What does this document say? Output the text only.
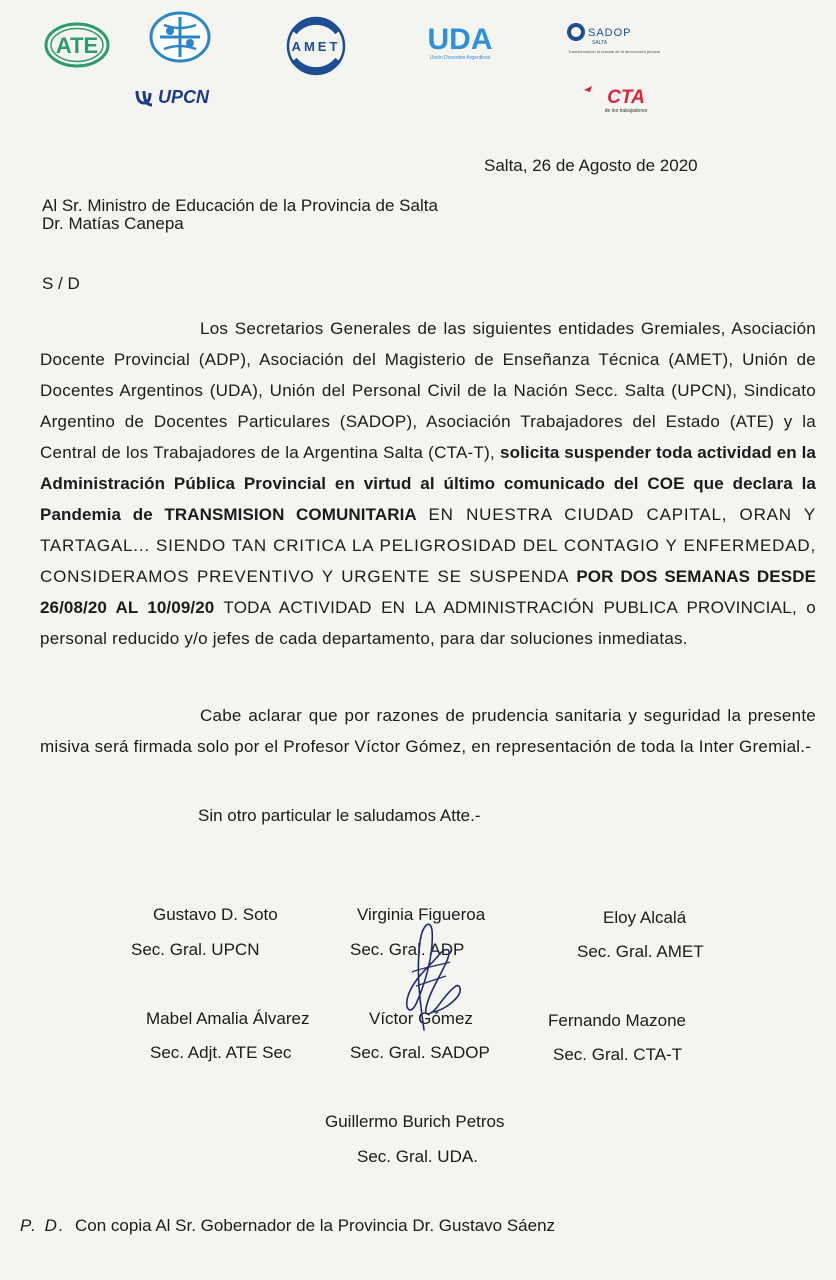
ATE	AMET	UDA
Unión Docentes Argentinos
SADOP
SALTA
Transformación al rescate de la democracia privada
UPCN	CTA
de los trabajadores
Salta, 26 de Agosto de 2020
Al Sr. Ministro de Educación de la Provincia de Salta
Dr. Matías Canepa
S / D
Los Secretarios Generales de las siguientes entidades Gremiales, Asociación Docente Provincial (ADP), Asociación del Magisterio de Enseñanza Técnica (AMET), Unión de Docentes Argentinos (UDA), Unión del Personal Civil de la Nación Secc. Salta (UPCN), Sindicato Argentino de Docentes Particulares (SADOP), Asociación Trabajadores del Estado (ATE) y la Central de los Trabajadores de la Argentina Salta (CTA-T), solicita suspender toda actividad en la Administración Pública Provincial en virtud al último comunicado del COE que declara la Pandemia de TRANSMISION COMUNITARIA EN NUESTRA CIUDAD CAPITAL, ORAN Y TARTAGAL... SIENDO TAN CRITICA LA PELIGROSIDAD DEL CONTAGIO Y ENFERMEDAD, CONSIDERAMOS PREVENTIVO Y URGENTE SE SUSPENDA POR DOS SEMANAS DESDE 26/08/20 AL 10/09/20 TODA ACTIVIDAD EN LA ADMINISTRACIÓN PUBLICA PROVINCIAL, o personal reducido y/o jefes de cada departamento, para dar soluciones inmediatas.
Cabe aclarar que por razones de prudencia sanitaria y seguridad la presente misiva será firmada solo por el Profesor Víctor Gómez, en representación de toda la Inter Gremial.-
Sin otro particular le saludamos Atte.-
Gustavo D. Soto
Sec. Gral. UPCN
Virginia Figueroa
Sec. Gral. ADP
Eloy Alcalá
Sec. Gral. AMET
Mabel Amalia Álvarez
Sec. Adjt. ATE Sec
Víctor Gómez
Sec. Gral. SADOP
Fernando Mazone
Sec. Gral. CTA-T
Guillermo Burich Petros
Sec. Gral. UDA.
P. D. Con copia Al Sr. Gobernador de la Provincia Dr. Gustavo Sáenz
